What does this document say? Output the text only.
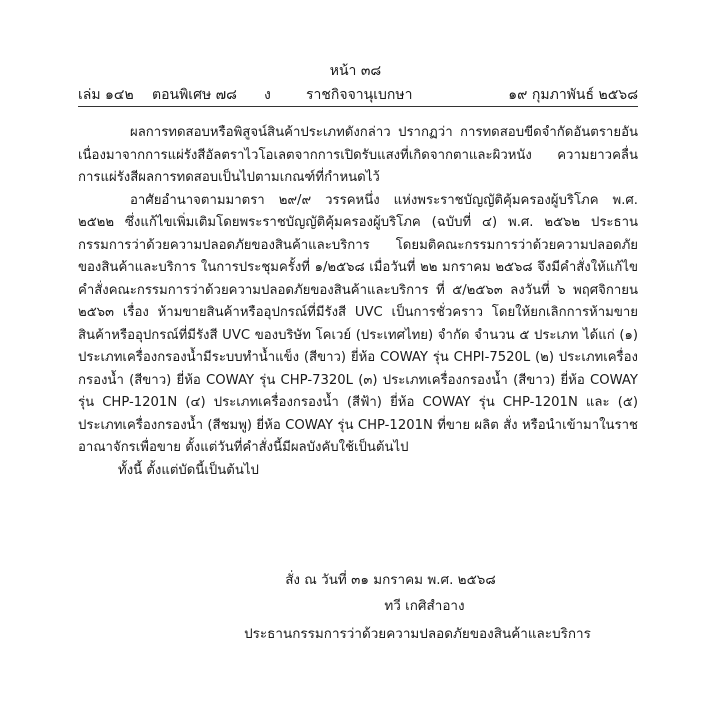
หน้า ๓๘
เล่ม ๑๔๒ ตอนพิเศษ ๗๘ ง	ราชกิจจานุเบกษา	๑๙ กุมภาพันธ์ ๒๕๖๘

ผลการทดสอบหรือพิสูจน์สินค้าประเภทดังกล่าว ปรากฏว่า การทดสอบขีดจำกัดอันตรายอันเนื่องมาจากการแผ่รังสีอัลตราไวโอเลตจากการเปิดรับแสงที่เกิดจากตาและผิวหนัง ความยาวคลื่นการแผ่รังสีผลการทดสอบเป็นไปตามเกณฑ์ที่กำหนดไว้

อาศัยอำนาจตามมาตรา ๒๙/๙ วรรคหนึ่ง แห่งพระราชบัญญัติคุ้มครองผู้บริโภค พ.ศ. ๒๕๒๒ ซึ่งแก้ไขเพิ่มเติมโดยพระราชบัญญัติคุ้มครองผู้บริโภค (ฉบับที่ ๔) พ.ศ. ๒๕๖๒ ประธานกรรมการว่าด้วยความปลอดภัยของสินค้าและบริการ โดยมติคณะกรรมการว่าด้วยความปลอดภัยของสินค้าและบริการ ในการประชุมครั้งที่ ๑/๒๕๖๘ เมื่อวันที่ ๒๒ มกราคม ๒๕๖๘ จึงมีคำสั่งให้แก้ไขคำสั่งคณะกรรมการว่าด้วยความปลอดภัยของสินค้าและบริการ ที่ ๕/๒๕๖๓ ลงวันที่ ๖ พฤศจิกายน ๒๕๖๓ เรื่อง ห้ามขายสินค้าหรืออุปกรณ์ที่มีรังสี UVC เป็นการชั่วคราว โดยให้ยกเลิกการห้ามขายสินค้าหรืออุปกรณ์ที่มีรังสี UVC ของบริษัท โคเวย์ (ประเทศไทย) จำกัด จำนวน ๕ ประเภท ได้แก่ (๑) ประเภทเครื่องกรองน้ำมีระบบทำน้ำแข็ง (สีขาว) ยี่ห้อ COWAY รุ่น CHPI-7520L (๒) ประเภทเครื่องกรองน้ำ (สีขาว) ยี่ห้อ COWAY รุ่น CHP-7320L (๓) ประเภทเครื่องกรองน้ำ (สีขาว) ยี่ห้อ COWAY รุ่น CHP-1201N (๔) ประเภทเครื่องกรองน้ำ (สีฟ้า) ยี่ห้อ COWAY รุ่น CHP-1201N และ (๕) ประเภทเครื่องกรองน้ำ (สีชมพู) ยี่ห้อ COWAY รุ่น CHP-1201N ที่ขาย ผลิต สั่ง หรือนำเข้ามาในราชอาณาจักรเพื่อขาย ตั้งแต่วันที่คำสั่งนี้มีผลบังคับใช้เป็นต้นไป

ทั้งนี้ ตั้งแต่บัดนี้เป็นต้นไป

สั่ง ณ วันที่ ๓๑ มกราคม พ.ศ. ๒๕๖๘
ทวี เกศิสำอาง
ประธานกรรมการว่าด้วยความปลอดภัยของสินค้าและบริการ
